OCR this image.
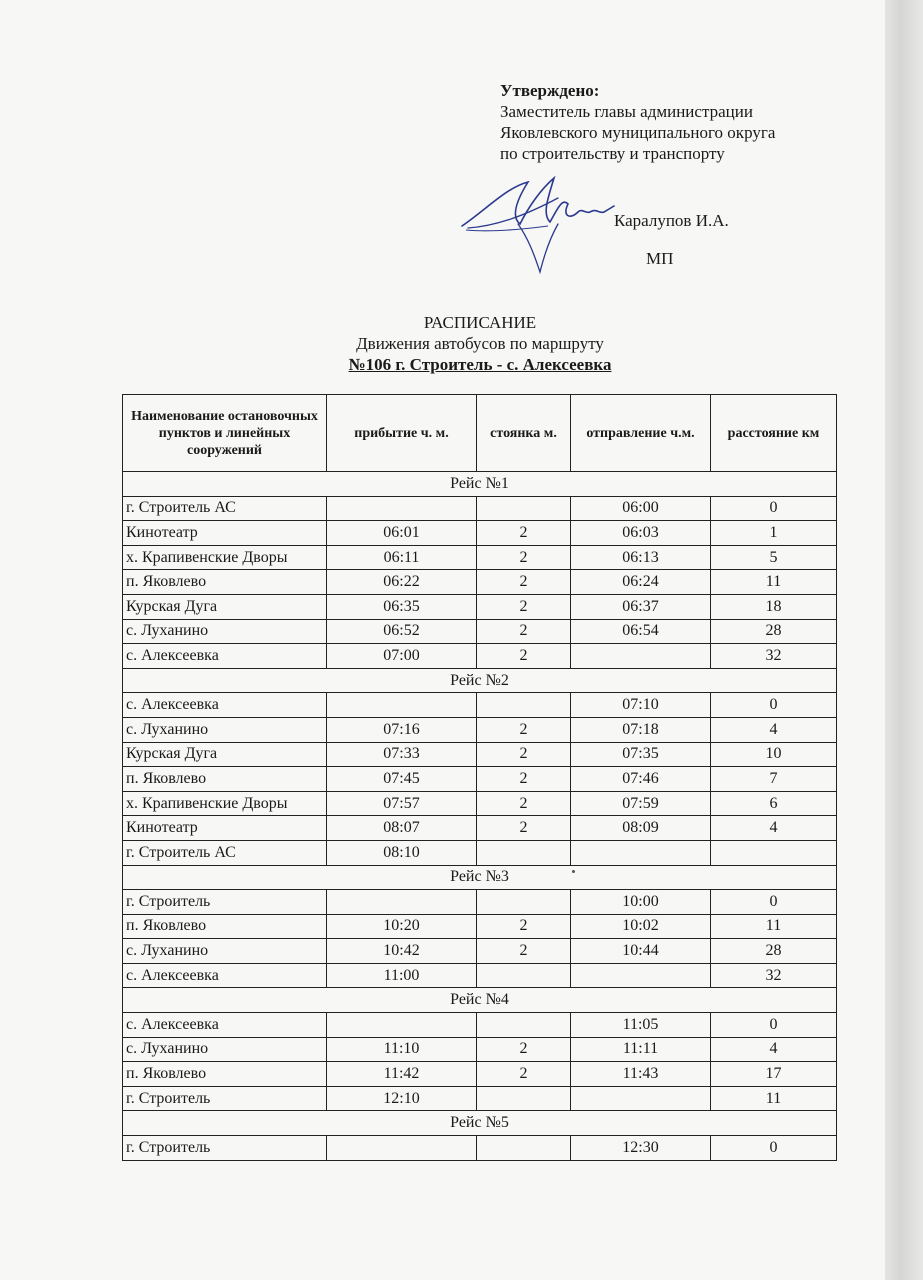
Утверждено:
Заместитель главы администрации
Яковлевского муниципального округа
по строительству и транспорту
Каралупов И.А.
МП
РАСПИСАНИЕ
Движения автобусов по маршруту
№106 г. Строитель - с. Алексеевка
Наименование остановочных пунктов и линейных сооружений	прибытие ч. м.	стоянка м.	отправление ч.м.	расстояние км
Рейс №1				
г. Строитель АС			06:00	0
Кинотеатр	06:01	2	06:03	1
х. Крапивенские Дворы	06:11	2	06:13	5
п. Яковлево	06:22	2	06:24	11
Курская Дуга	06:35	2	06:37	18
с. Луханино	06:52	2	06:54	28
с. Алексеевка	07:00	2		32
Рейс №2				
с. Алексеевка			07:10	0
с. Луханино	07:16	2	07:18	4
Курская Дуга	07:33	2	07:35	10
п. Яковлево	07:45	2	07:46	7
х. Крапивенские Дворы	07:57	2	07:59	6
Кинотеатр	08:07	2	08:09	4
г. Строитель АС	08:10			
Рейс №3				
г. Строитель			10:00	0
п. Яковлево	10:20	2	10:02	11
с. Луханино	10:42	2	10:44	28
с. Алексеевка	11:00			32
Рейс №4				
с. Алексеевка			11:05	0
с. Луханино	11:10	2	11:11	4
п. Яковлево	11:42	2	11:43	17
г. Строитель	12:10			11
Рейс №5				
г. Строитель			12:30	0
